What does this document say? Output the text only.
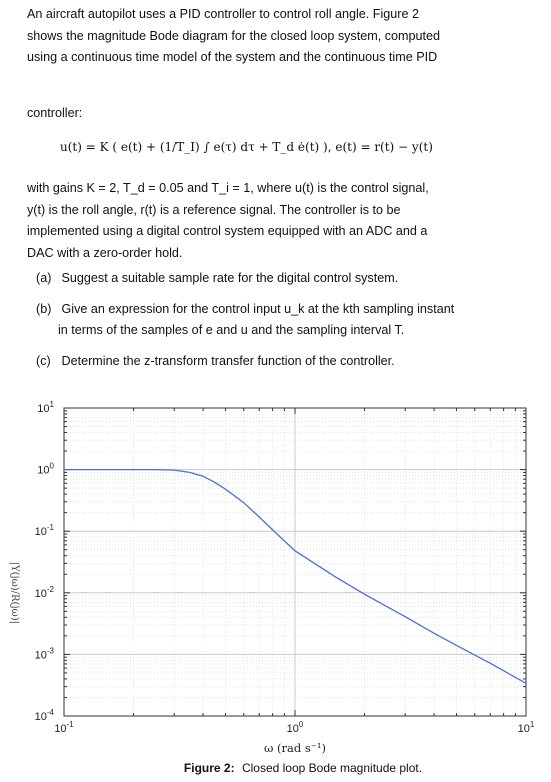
An aircraft autopilot uses a PID controller to control roll angle. Figure 2
shows the magnitude Bode diagram for the closed loop system, computed
using a continuous time model of the system and the continuous time PID

controller:

u(t) = K ( e(t) + (1/T_I) ∫ e(τ) dτ + T_d ė(t) ), e(t) = r(t) − y(t)

with gains K = 2, T_d = 0.05 and T_i = 1, where u(t) is the control signal,
y(t) is the roll angle, r(t) is a reference signal. The controller is to be
implemented using a digital control system equipped with an ADC and a
DAC with a zero-order hold.

(a) Suggest a suitable sample rate for the digital control system.
(b) Give an expression for the control input u_k at the kth sampling instant
in terms of the samples of e and u and the sampling interval T.
(c) Determine the z-transform transfer function of the controller.
$10^1$
$10^0$
$10^{-1}$
$10^{-2}$
$10^{-3}$
$10^{-4}$
$10^{-1}$	$10^0$	$10^1$
|Y(jω)/R(jω)|
ω (rad s⁻¹)
Figure 2: Closed loop Bode magnitude plot.
